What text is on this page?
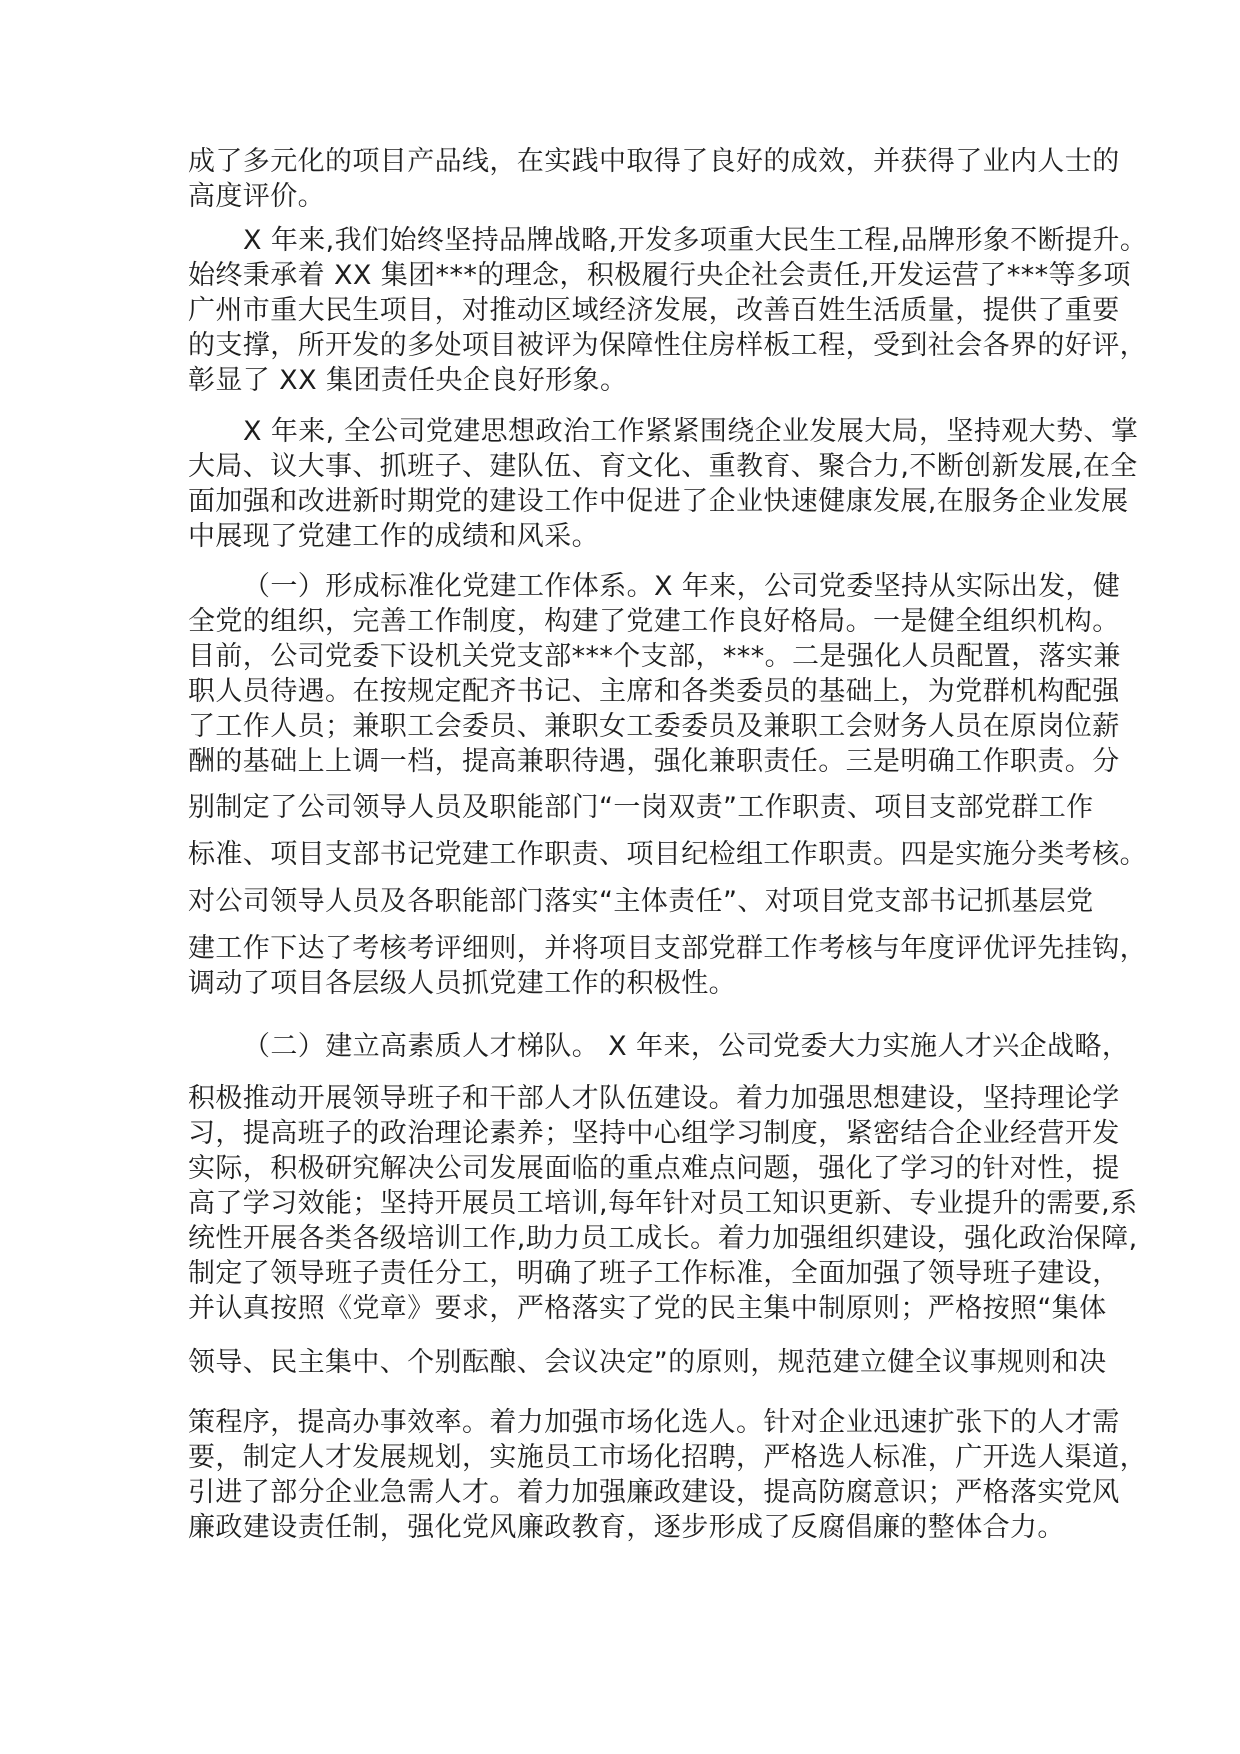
成了多元化的项目产品线，在实践中取得了良好的成效，并获得了业内人士的
高度评价。
X 年来,我们始终坚持品牌战略,开发多项重大民生工程,品牌形象不断提升。
始终秉承着 XX 集团***的理念，积极履行央企社会责任,开发运营了***等多项
广州市重大民生项目，对推动区域经济发展，改善百姓生活质量，提供了重要
的支撑，所开发的多处项目被评为保障性住房样板工程，受到社会各界的好评，
彰显了 XX 集团责任央企良好形象。
X 年来, 全公司党建思想政治工作紧紧围绕企业发展大局，坚持观大势、掌
大局、议大事、抓班子、建队伍、育文化、重教育、聚合力,不断创新发展,在全
面加强和改进新时期党的建设工作中促进了企业快速健康发展,在服务企业发展
中展现了党建工作的成绩和风采。
（一）形成标准化党建工作体系。X 年来，公司党委坚持从实际出发，健
全党的组织，完善工作制度，构建了党建工作良好格局。一是健全组织机构。
目前，公司党委下设机关党支部***个支部，***。二是强化人员配置，落实兼
职人员待遇。在按规定配齐书记、主席和各类委员的基础上，为党群机构配强
了工作人员；兼职工会委员、兼职女工委委员及兼职工会财务人员在原岗位薪
酬的基础上上调一档，提高兼职待遇，强化兼职责任。三是明确工作职责。分
别制定了公司领导人员及职能部门“一岗双责”工作职责、项目支部党群工作
标准、项目支部书记党建工作职责、项目纪检组工作职责。四是实施分类考核。
对公司领导人员及各职能部门落实“主体责任”、对项目党支部书记抓基层党
建工作下达了考核考评细则，并将项目支部党群工作考核与年度评优评先挂钩，
调动了项目各层级人员抓党建工作的积极性。
（二）建立高素质人才梯队。 X 年来，公司党委大力实施人才兴企战略，
积极推动开展领导班子和干部人才队伍建设。着力加强思想建设，坚持理论学
习，提高班子的政治理论素养；坚持中心组学习制度，紧密结合企业经营开发
实际，积极研究解决公司发展面临的重点难点问题，强化了学习的针对性，提
高了学习效能；坚持开展员工培训,每年针对员工知识更新、专业提升的需要,系
统性开展各类各级培训工作,助力员工成长。着力加强组织建设，强化政治保障,
制定了领导班子责任分工，明确了班子工作标准，全面加强了领导班子建设，
并认真按照《党章》要求，严格落实了党的民主集中制原则；严格按照“集体
领导、民主集中、个别酝酿、会议决定”的原则，规范建立健全议事规则和决
策程序，提高办事效率。着力加强市场化选人。针对企业迅速扩张下的人才需
要，制定人才发展规划，实施员工市场化招聘，严格选人标准，广开选人渠道，
引进了部分企业急需人才。着力加强廉政建设，提高防腐意识；严格落实党风
廉政建设责任制，强化党风廉政教育，逐步形成了反腐倡廉的整体合力。
